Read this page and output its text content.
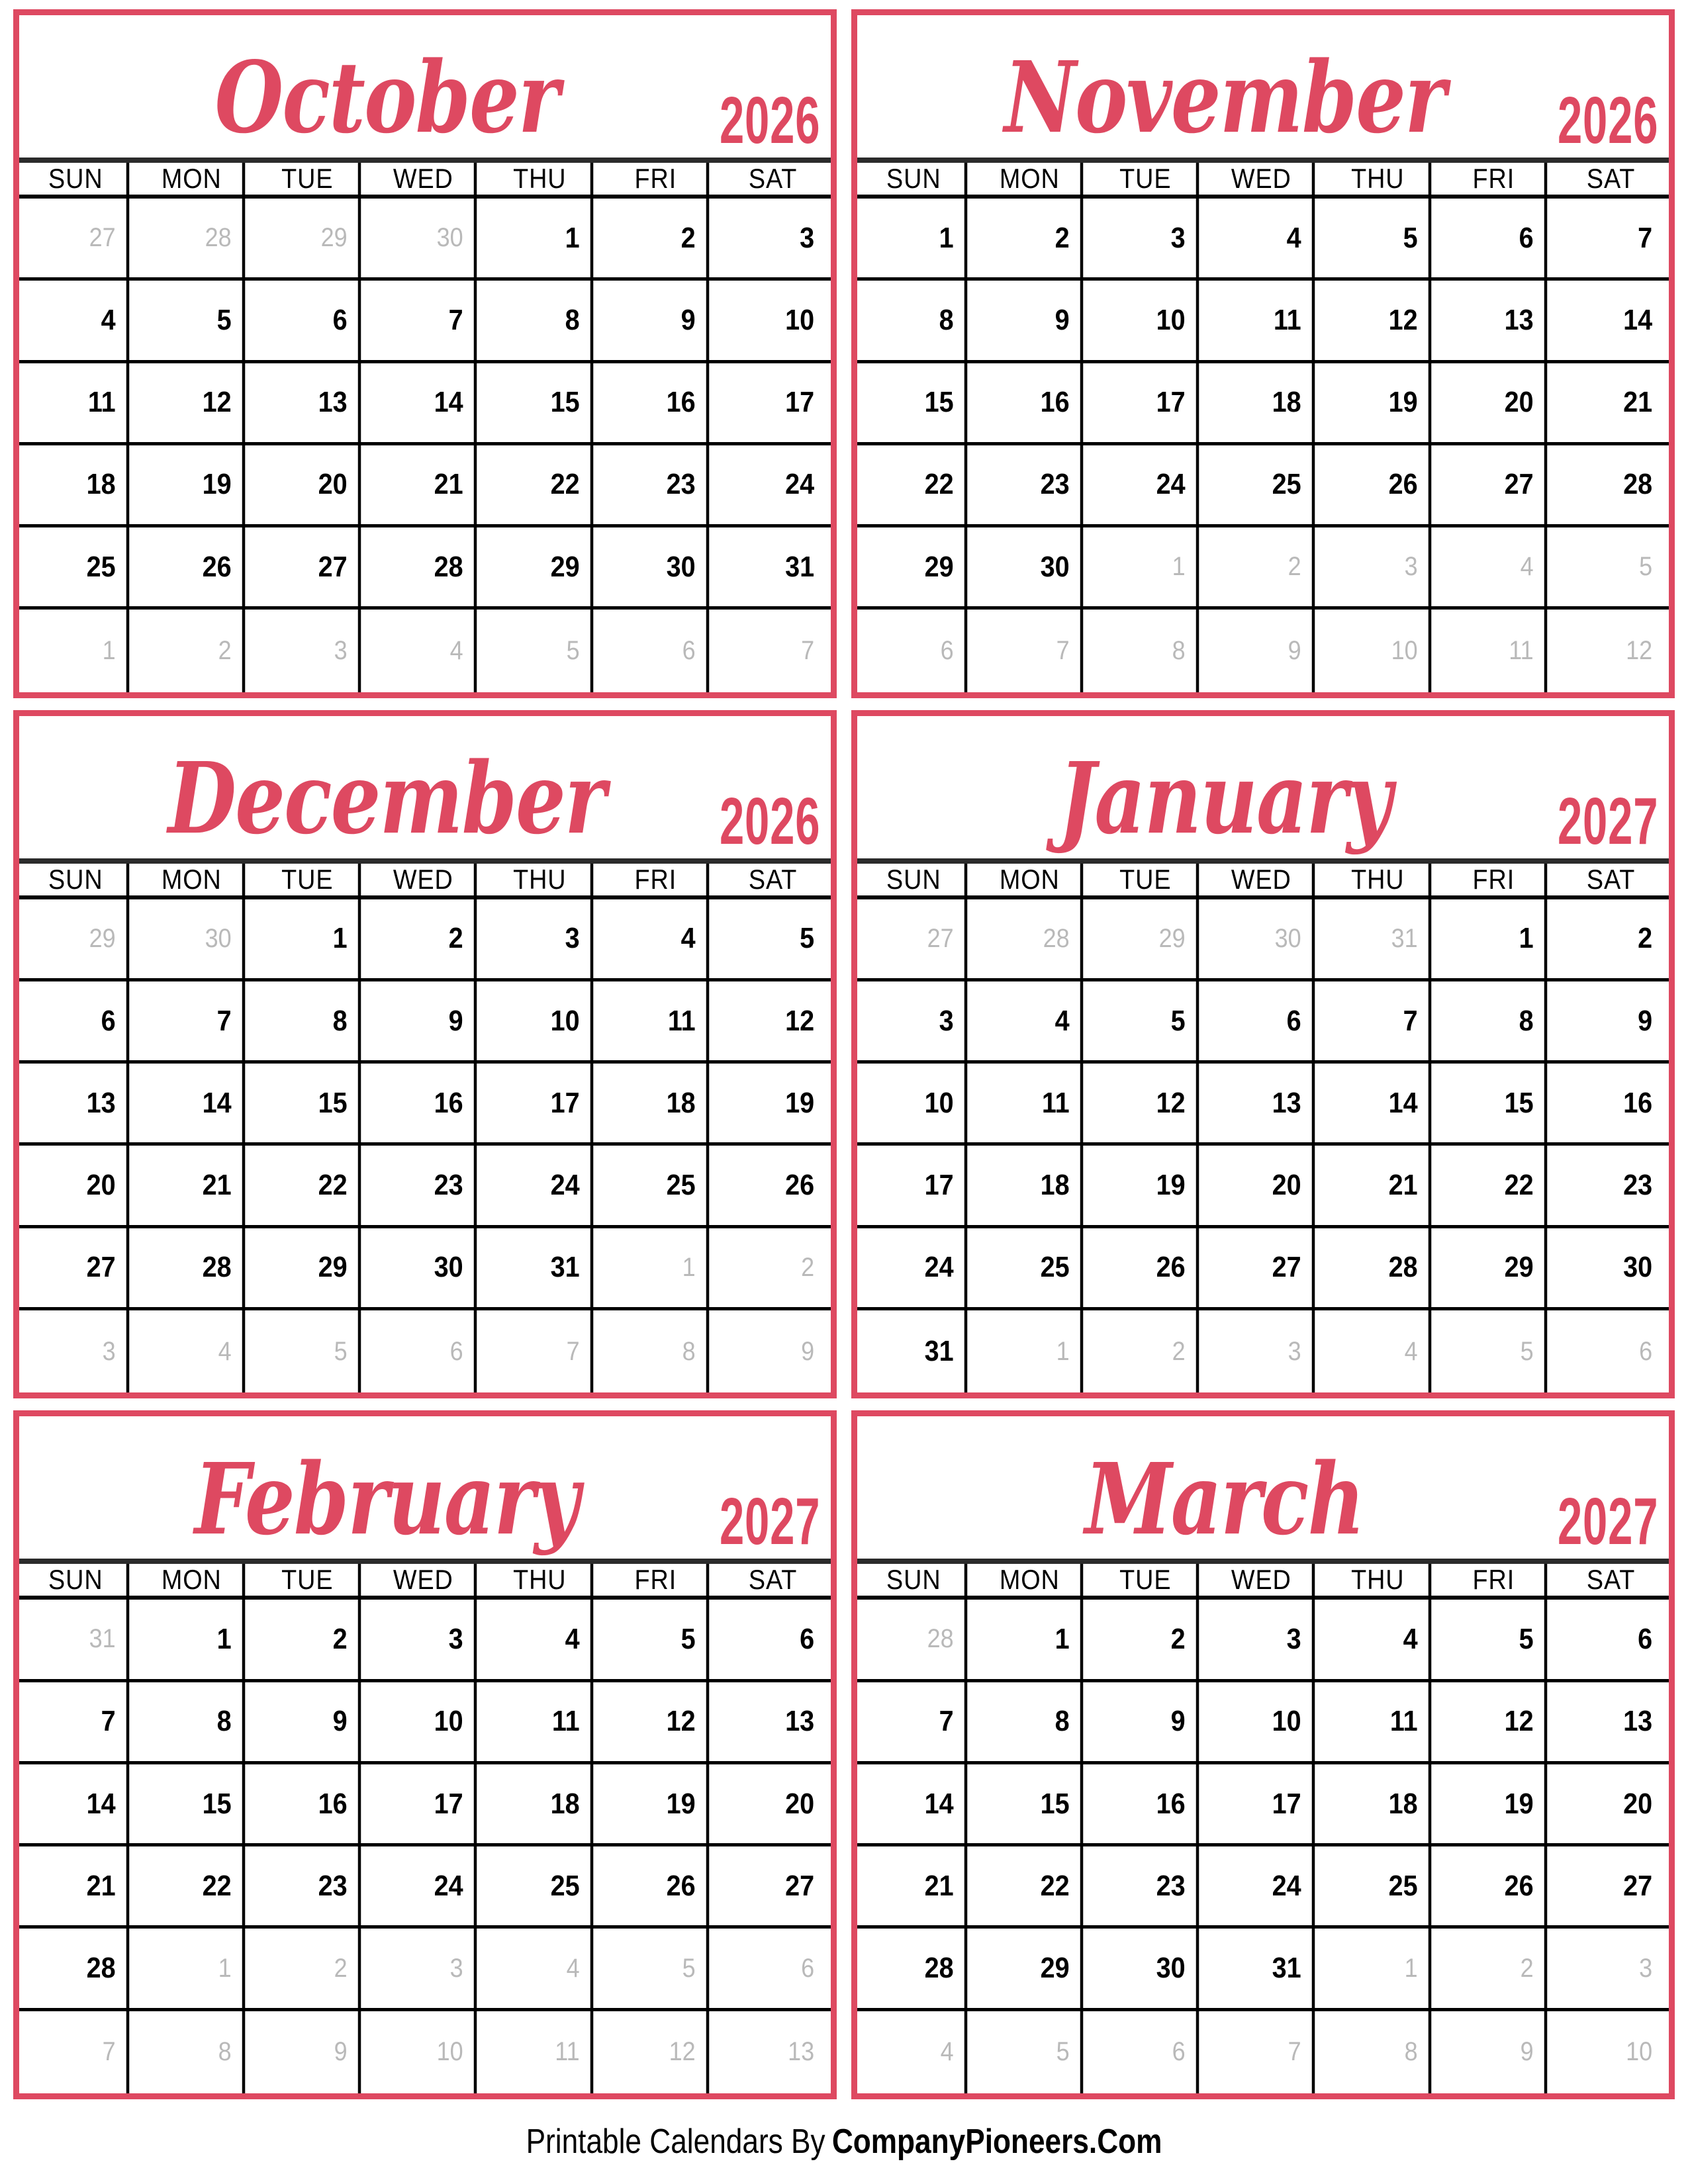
October	2026
SUN	MON	TUE	WED	THU	FRI	SAT
27	28	29	30	1	2	3
4	5	6	7	8	9	10
11	12	13	14	15	16	17
18	19	20	21	22	23	24
25	26	27	28	29	30	31
1	2	3	4	5	6	7
November 2026
SUN	MON	TUE	WED	THU	FRI	SAT
1	2	3	4	5	6	7
8	9	10	11	12	13	14
15	16	17	18	19	20	21
22	23	24	25	26	27	28
29	30	1	2	3	4	5
6	7	8	9	10	11	12
December 2026
SUN	MON	TUE	WED	THU	FRI	SAT
29	30	1	2	3	4	5
6	7	8	9	10	11	12
13	14	15	16	17	18	19
20	21	22	23	24	25	26
27	28	29	30	31	1	2
3	4	5	6	7	8	9
January	2027
SUN	MON	TUE	WED	THU	FRI	SAT
27	28	29	30	31	1	2
3	4	5	6	7	8	9
10	11	12	13	14	15	16
17	18	19	20	21	22	23
24	25	26	27	28	29	30
31	1	2	3	4	5	6
February 2027
SUN	MON	TUE	WED	THU	FRI	SAT
31	1	2	3	4	5	6
7	8	9	10	11	12	13
14	15	16	17	18	19	20
21	22	23	24	25	26	27
28	1	2	3	4	5	6
7	8	9	10	11	12	13
March	2027
SUN	MON	TUE	WED	THU	FRI	SAT
28	1	2	3	4	5	6
7	8	9	10	11	12	13
14	15	16	17	18	19	20
21	22	23	24	25	26	27
28	29	30	31	1	2	3
4	5	6	7	8	9	10
Printable Calendars By CompanyPioneers.Com
